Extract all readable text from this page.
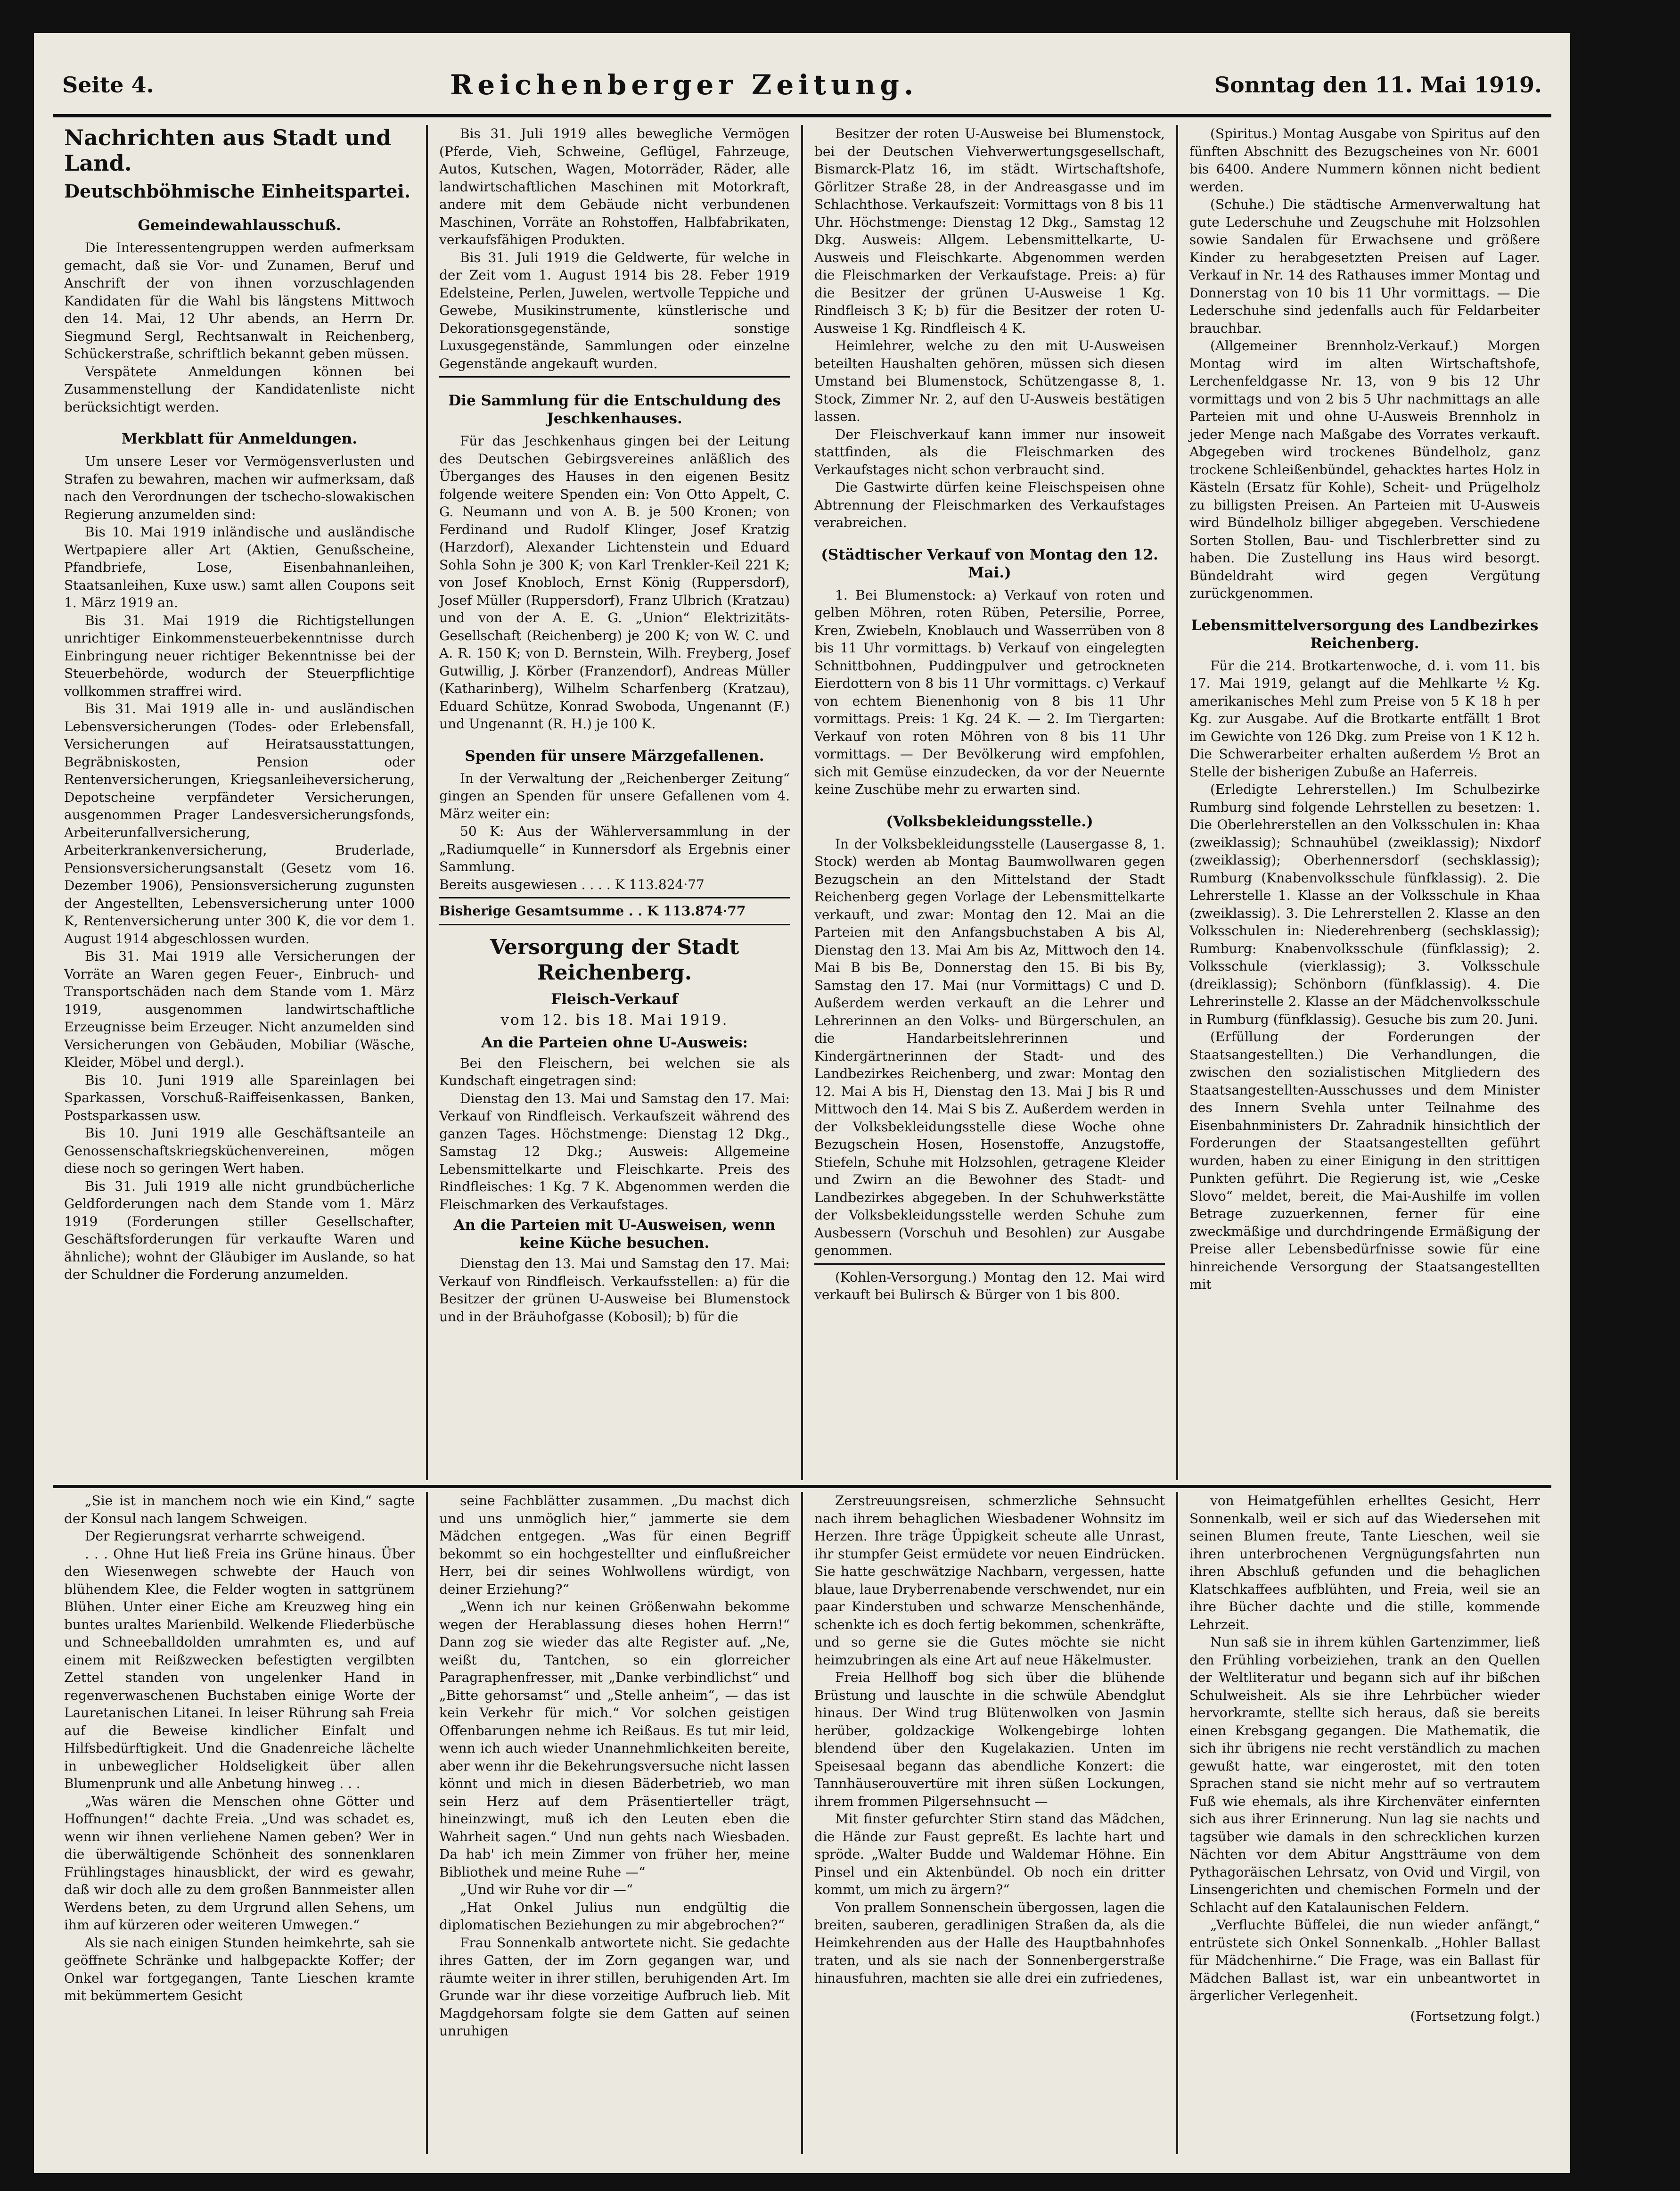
Seite 4.	Reichenberger Zeitung.	Sonntag den 11. Mai 1919.
Nachrichten aus Stadt und Land.
Deutschböhmische Einheitspartei.
Gemeindewahlausschuß.

Die Interessentengruppen werden aufmerksam gemacht, daß sie Vor- und Zunamen, Beruf und Anschrift der von ihnen vorzuschlagenden Kandidaten für die Wahl bis längstens Mittwoch den 14. Mai, 12 Uhr abends, an Herrn Dr. Siegmund Sergl, Rechtsanwalt in Reichenberg, Schückerstraße, schriftlich bekannt geben müssen.

Verspätete Anmeldungen können bei Zusammenstellung der Kandidatenliste nicht berücksichtigt werden.

Merkblatt für Anmeldungen.

Um unsere Leser vor Vermögensverlusten und Strafen zu bewahren, machen wir aufmerksam, daß nach den Verordnungen der tschecho-slowakischen Regierung anzumelden sind:

Bis 10. Mai 1919 inländische und ausländische Wertpapiere aller Art (Aktien, Genußscheine, Pfandbriefe, Lose, Eisenbahnanleihen, Staatsanleihen, Kuxe usw.) samt allen Coupons seit 1. März 1919 an.

Bis 31. Mai 1919 die Richtigstellungen unrichtiger Einkommensteuerbekenntnisse durch Einbringung neuer richtiger Bekenntnisse bei der Steuerbehörde, wodurch der Steuerpflichtige vollkommen straffrei wird.

Bis 31. Mai 1919 alle in- und ausländischen Lebensversicherungen (Todes- oder Erlebensfall, Versicherungen auf Heiratsausstattungen, Begräbniskosten, Pension oder Rentenversicherungen, Kriegsanleiheversicherung, Depotscheine verpfändeter Versicherungen, ausgenommen Prager Landesversicherungsfonds, Arbeiterunfallversicherung, Arbeiterkrankenversicherung, Bruderlade, Pensionsversicherungsanstalt (Gesetz vom 16. Dezember 1906), Pensionsversicherung zugunsten der Angestellten, Lebensversicherung unter 1000 K, Rentenversicherung unter 300 K, die vor dem 1. August 1914 abgeschlossen wurden.

Bis 31. Mai 1919 alle Versicherungen der Vorräte an Waren gegen Feuer-, Einbruch- und Transportschäden nach dem Stande vom 1. März 1919, ausgenommen landwirtschaftliche Erzeugnisse beim Erzeuger. Nicht anzumelden sind Versicherungen von Gebäuden, Mobiliar (Wäsche, Kleider, Möbel und dergl.).

Bis 10. Juni 1919 alle Spareinlagen bei Sparkassen, Vorschuß-Raiffeisenkassen, Banken, Postsparkassen usw.

Bis 10. Juni 1919 alle Geschäftsanteile an Genossenschaftskriegsküchenvereinen, mögen diese noch so geringen Wert haben.

Bis 31. Juli 1919 alle nicht grundbücherliche Geldforderungen nach dem Stande vom 1. März 1919 (Forderungen stiller Gesellschafter, Geschäftsforderungen für verkaufte Waren und ähnliche); wohnt der Gläubiger im Auslande, so hat der Schuldner die Forderung anzumelden.

Bis 31. Juli 1919 alles bewegliche Vermögen (Pferde, Vieh, Schweine, Geflügel, Fahrzeuge, Autos, Kutschen, Wagen, Motorräder, Räder, alle landwirtschaftlichen Maschinen mit Motorkraft, andere mit dem Gebäude nicht verbundenen Maschinen, Vorräte an Rohstoffen, Halbfabrikaten, verkaufsfähigen Produkten.

Bis 31. Juli 1919 die Geldwerte, für welche in der Zeit vom 1. August 1914 bis 28. Feber 1919 Edelsteine, Perlen, Juwelen, wertvolle Teppiche und Gewebe, Musikinstrumente, künstlerische und Dekorationsgegenstände, sonstige Luxusgegenstände, Sammlungen oder einzelne Gegenstände angekauft wurden.

Die Sammlung für die Entschuldung des Jeschkenhauses.

Für das Jeschkenhaus gingen bei der Leitung des Deutschen Gebirgsvereines anläßlich des Überganges des Hauses in den eigenen Besitz folgende weitere Spenden ein: Von Otto Appelt, C. G. Neumann und von A. B. je 500 Kronen; von Ferdinand und Rudolf Klinger, Josef Kratzig (Harzdorf), Alexander Lichtenstein und Eduard Sohla Sohn je 300 K; von Karl Trenkler-Keil 221 K; von Josef Knobloch, Ernst König (Ruppersdorf), Josef Müller (Ruppersdorf), Franz Ulbrich (Kratzau) und von der A. E. G. „Union“ Elektrizitäts-Gesellschaft (Reichenberg) je 200 K; von W. C. und A. R. 150 K; von D. Bernstein, Wilh. Freyberg, Josef Gutwillig, J. Körber (Franzendorf), Andreas Müller (Katharinberg), Wilhelm Scharfenberg (Kratzau), Eduard Schütze, Konrad Swoboda, Ungenannt (F.) und Ungenannt (R. H.) je 100 K.

Spenden für unsere Märzgefallenen.

In der Verwaltung der „Reichenberger Zeitung“ gingen an Spenden für unsere Gefallenen vom 4. März weiter ein:

50 K: Aus der Wählerversammlung in der „Radiumquelle“ in Kunnersdorf als Ergebnis einer Sammlung.

Bereits ausgewiesen . . . . K 113.824·77

Bisherige Gesamtsumme . . K 113.874·77

Versorgung der Stadt Reichenberg.
Fleisch-Verkauf
vom 12. bis 18. Mai 1919.
An die Parteien ohne U-Ausweis:

Bei den Fleischern, bei welchen sie als Kundschaft eingetragen sind:

Dienstag den 13. Mai und Samstag den 17. Mai: Verkauf von Rindfleisch. Verkaufszeit während des ganzen Tages. Höchstmenge: Dienstag 12 Dkg., Samstag 12 Dkg.; Ausweis: Allgemeine Lebensmittelkarte und Fleischkarte. Preis des Rindfleisches: 1 Kg. 7 K. Abgenommen werden die Fleischmarken des Verkaufstages.

An die Parteien mit U-Ausweisen, wenn keine Küche besuchen.

Dienstag den 13. Mai und Samstag den 17. Mai: Verkauf von Rindfleisch. Verkaufsstellen: a) für die Besitzer der grünen U-Ausweise bei Blumenstock und in der Bräuhofgasse (Kobosil); b) für die

Besitzer der roten U-Ausweise bei Blumenstock, bei der Deutschen Viehverwertungsgesellschaft, Bismarck-Platz 16, im städt. Wirtschaftshofe, Görlitzer Straße 28, in der Andreasgasse und im Schlachthose. Verkaufszeit: Vormittags von 8 bis 11 Uhr. Höchstmenge: Dienstag 12 Dkg., Samstag 12 Dkg. Ausweis: Allgem. Lebensmittelkarte, U-Ausweis und Fleischkarte. Abgenommen werden die Fleischmarken der Verkaufstage. Preis: a) für die Besitzer der grünen U-Ausweise 1 Kg. Rindfleisch 3 K; b) für die Besitzer der roten U-Ausweise 1 Kg. Rindfleisch 4 K.

Heimlehrer, welche zu den mit U-Ausweisen beteilten Haushalten gehören, müssen sich diesen Umstand bei Blumenstock, Schützengasse 8, 1. Stock, Zimmer Nr. 2, auf den U-Ausweis bestätigen lassen.

Der Fleischverkauf kann immer nur insoweit stattfinden, als die Fleischmarken des Verkaufstages nicht schon verbraucht sind.

Die Gastwirte dürfen keine Fleischspeisen ohne Abtrennung der Fleischmarken des Verkaufstages verabreichen.

(Städtischer Verkauf von Montag den 12. Mai.)

1. Bei Blumenstock: a) Verkauf von roten und gelben Möhren, roten Rüben, Petersilie, Porree, Kren, Zwiebeln, Knoblauch und Wasserrüben von 8 bis 11 Uhr vormittags. b) Verkauf von eingelegten Schnittbohnen, Puddingpulver und getrockneten Eierdottern von 8 bis 11 Uhr vormittags. c) Verkauf von echtem Bienenhonig von 8 bis 11 Uhr vormittags. Preis: 1 Kg. 24 K. — 2. Im Tiergarten: Verkauf von roten Möhren von 8 bis 11 Uhr vormittags. — Der Bevölkerung wird empfohlen, sich mit Gemüse einzudecken, da vor der Neuernte keine Zuschübe mehr zu erwarten sind.

(Volksbekleidungsstelle.)

In der Volksbekleidungsstelle (Lausergasse 8, 1. Stock) werden ab Montag Baumwollwaren gegen Bezugschein an den Mittelstand der Stadt Reichenberg gegen Vorlage der Lebensmittelkarte verkauft, und zwar: Montag den 12. Mai an die Parteien mit den Anfangsbuchstaben A bis Al, Dienstag den 13. Mai Am bis Az, Mittwoch den 14. Mai B bis Be, Donnerstag den 15. Bi bis By, Samstag den 17. Mai (nur Vormittags) C und D. Außerdem werden verkauft an die Lehrer und Lehrerinnen an den Volks- und Bürgerschulen, an die Handarbeitslehrerinnen und Kindergärtnerinnen der Stadt- und des Landbezirkes Reichenberg, und zwar: Montag den 12. Mai A bis H, Dienstag den 13. Mai J bis R und Mittwoch den 14. Mai S bis Z. Außerdem werden in der Volksbekleidungsstelle diese Woche ohne Bezugschein Hosen, Hosenstoffe, Anzugstoffe, Stiefeln, Schuhe mit Holzsohlen, getragene Kleider und Zwirn an die Bewohner des Stadt- und Landbezirkes abgegeben. In der Schuhwerkstätte der Volksbekleidungsstelle werden Schuhe zum Ausbessern (Vorschuh und Besohlen) zur Ausgabe genommen.

(Kohlen-Versorgung.) Montag den 12. Mai wird verkauft bei Bulirsch & Bürger von 1 bis 800.

(Spiritus.) Montag Ausgabe von Spiritus auf den fünften Abschnitt des Bezugscheines von Nr. 6001 bis 6400. Andere Nummern können nicht bedient werden.

(Schuhe.) Die städtische Armenverwaltung hat gute Lederschuhe und Zeugschuhe mit Holzsohlen sowie Sandalen für Erwachsene und größere Kinder zu herabgesetzten Preisen auf Lager. Verkauf in Nr. 14 des Rathauses immer Montag und Donnerstag von 10 bis 11 Uhr vormittags. — Die Lederschuhe sind jedenfalls auch für Feldarbeiter brauchbar.

(Allgemeiner Brennholz-Verkauf.) Morgen Montag wird im alten Wirtschaftshofe, Lerchenfeldgasse Nr. 13, von 9 bis 12 Uhr vormittags und von 2 bis 5 Uhr nachmittags an alle Parteien mit und ohne U-Ausweis Brennholz in jeder Menge nach Maßgabe des Vorrates verkauft. Abgegeben wird trockenes Bündelholz, ganz trockene Schleißenbündel, gehacktes hartes Holz in Kästeln (Ersatz für Kohle), Scheit- und Prügelholz zu billigsten Preisen. An Parteien mit U-Ausweis wird Bündelholz billiger abgegeben. Verschiedene Sorten Stollen, Bau- und Tischlerbretter sind zu haben. Die Zustellung ins Haus wird besorgt. Bündeldraht wird gegen Vergütung zurückgenommen.

Lebensmittelversorgung des Landbezirkes Reichenberg.

Für die 214. Brotkartenwoche, d. i. vom 11. bis 17. Mai 1919, gelangt auf die Mehlkarte ½ Kg. amerikanisches Mehl zum Preise von 5 K 18 h per Kg. zur Ausgabe. Auf die Brotkarte entfällt 1 Brot im Gewichte von 126 Dkg. zum Preise von 1 K 12 h. Die Schwerarbeiter erhalten außerdem ½ Brot an Stelle der bisherigen Zubuße an Haferreis.

(Erledigte Lehrerstellen.) Im Schulbezirke Rumburg sind folgende Lehrstellen zu besetzen: 1. Die Oberlehrerstellen an den Volksschulen in: Khaa (zweiklassig); Schnauhübel (zweiklassig); Nixdorf (zweiklassig); Oberhennersdorf (sechsklassig); Rumburg (Knabenvolksschule fünfklassig). 2. Die Lehrerstelle 1. Klasse an der Volksschule in Khaa (zweiklassig). 3. Die Lehrerstellen 2. Klasse an den Volksschulen in: Niederehrenberg (sechsklassig); Rumburg: Knabenvolksschule (fünfklassig); 2. Volksschule (vierklassig); 3. Volksschule (dreiklassig); Schönborn (fünfklassig). 4. Die Lehrerinstelle 2. Klasse an der Mädchenvolksschule in Rumburg (fünfklassig). Gesuche bis zum 20. Juni.

(Erfüllung der Forderungen der Staatsangestellten.) Die Verhandlungen, die zwischen den sozialistischen Mitgliedern des Staatsangestellten-Ausschusses und dem Minister des Innern Svehla unter Teilnahme des Eisenbahnministers Dr. Zahradnik hinsichtlich der Forderungen der Staatsangestellten geführt wurden, haben zu einer Einigung in den strittigen Punkten geführt. Die Regierung ist, wie „Ceske Slovo“ meldet, bereit, die Mai-Aushilfe im vollen Betrage zuzuerkennen, ferner für eine zweckmäßige und durchdringende Ermäßigung der Preise aller Lebensbedürfnisse sowie für eine hinreichende Versorgung der Staatsangestellten mit

„Sie ist in manchem noch wie ein Kind,“ sagte der Konsul nach langem Schweigen.

Der Regierungsrat verharrte schweigend.

. . . Ohne Hut ließ Freia ins Grüne hinaus. Über den Wiesenwegen schwebte der Hauch von blühendem Klee, die Felder wogten in sattgrünem Blühen. Unter einer Eiche am Kreuzweg hing ein buntes uraltes Marienbild. Welkende Fliederbüsche und Schneeballdolden umrahmten es, und auf einem mit Reißzwecken befestigten vergilbten Zettel standen von ungelenker Hand in regenverwaschenen Buchstaben einige Worte der Lauretanischen Litanei. In leiser Rührung sah Freia auf die Beweise kindlicher Einfalt und Hilfsbedürftigkeit. Und die Gnadenreiche lächelte in unbeweglicher Holdseligkeit über allen Blumenprunk und alle Anbetung hinweg . . .

„Was wären die Menschen ohne Götter und Hoffnungen!“ dachte Freia. „Und was schadet es, wenn wir ihnen verliehene Namen geben? Wer in die überwältigende Schönheit des sonnenklaren Frühlingstages hinausblickt, der wird es gewahr, daß wir doch alle zu dem großen Bannmeister allen Werdens beten, zu dem Urgrund allen Sehens, um ihm auf kürzeren oder weiteren Umwegen.“

Als sie nach einigen Stunden heimkehrte, sah sie geöffnete Schränke und halbgepackte Koffer; der Onkel war fortgegangen, Tante Lieschen kramte mit bekümmertem Gesicht

seine Fachblätter zusammen. „Du machst dich und uns unmöglich hier,“ jammerte sie dem Mädchen entgegen. „Was für einen Begriff bekommt so ein hochgestellter und einflußreicher Herr, bei dir seines Wohlwollens würdigt, von deiner Erziehung?“

„Wenn ich nur keinen Größenwahn bekomme wegen der Herablassung dieses hohen Herrn!“ Dann zog sie wieder das alte Register auf. „Ne, weißt du, Tantchen, so ein glorreicher Paragraphenfresser, mit „Danke verbindlichst“ und „Bitte gehorsamst“ und „Stelle anheim“, — das ist kein Verkehr für mich.“ Vor solchen geistigen Offenbarungen nehme ich Reißaus. Es tut mir leid, wenn ich auch wieder Unannehmlichkeiten bereite, aber wenn ihr die Bekehrungsversuche nicht lassen könnt und mich in diesen Bäderbetrieb, wo man sein Herz auf dem Präsentierteller trägt, hineinzwingt, muß ich den Leuten eben die Wahrheit sagen.“ Und nun gehts nach Wiesbaden. Da hab' ich mein Zimmer von früher her, meine Bibliothek und meine Ruhe —“

„Und wir Ruhe vor dir —“

„Hat Onkel Julius nun endgültig die diplomatischen Beziehungen zu mir abgebrochen?“

Frau Sonnenkalb antwortete nicht. Sie gedachte ihres Gatten, der im Zorn gegangen war, und räumte weiter in ihrer stillen, beruhigenden Art. Im Grunde war ihr diese vorzeitige Aufbruch lieb. Mit Magdgehorsam folgte sie dem Gatten auf seinen unruhigen

Zerstreuungsreisen, schmerzliche Sehnsucht nach ihrem behaglichen Wiesbadener Wohnsitz im Herzen. Ihre träge Üppigkeit scheute alle Unrast, ihr stumpfer Geist ermüdete vor neuen Eindrücken. Sie hatte geschwätzige Nachbarn, vergessen, hatte blaue, laue Dryberrenabende verschwendet, nur ein paar Kinderstuben und schwarze Menschenhände, schenkte ich es doch fertig bekommen, schenkräfte, und so gerne sie die Gutes möchte sie nicht heimzubringen als eine Art auf neue Häkelmuster.

Freia Hellhoff bog sich über die blühende Brüstung und lauschte in die schwüle Abendglut hinaus. Der Wind trug Blütenwolken von Jasmin herüber, goldzackige Wolkengebirge lohten blendend über den Kugelakazien. Unten im Speisesaal begann das abendliche Konzert: die Tannhäuserouvertüre mit ihren süßen Lockungen, ihrem frommen Pilgersehnsucht —

Mit finster gefurchter Stirn stand das Mädchen, die Hände zur Faust gepreßt. Es lachte hart und spröde. „Walter Budde und Waldemar Höhne. Ein Pinsel und ein Aktenbündel. Ob noch ein dritter kommt, um mich zu ärgern?“

Von prallem Sonnenschein übergossen, lagen die breiten, sauberen, geradlinigen Straßen da, als die Heimkehrenden aus der Halle des Hauptbahnhofes traten, und als sie nach der Sonnenbergerstraße hinausfuhren, machten sie alle drei ein zufriedenes,

von Heimatgefühlen erhelltes Gesicht, Herr Sonnenkalb, weil er sich auf das Wiedersehen mit seinen Blumen freute, Tante Lieschen, weil sie ihren unterbrochenen Vergnügungsfahrten nun ihren Abschluß gefunden und die behaglichen Klatschkaffees aufblühten, und Freia, weil sie an ihre Bücher dachte und die stille, kommende Lehrzeit.

Nun saß sie in ihrem kühlen Gartenzimmer, ließ den Frühling vorbeiziehen, trank an den Quellen der Weltliteratur und begann sich auf ihr bißchen Schulweisheit. Als sie ihre Lehrbücher wieder hervorkramte, stellte sich heraus, daß sie bereits einen Krebsgang gegangen. Die Mathematik, die sich ihr übrigens nie recht verständlich zu machen gewußt hatte, war eingerostet, mit den toten Sprachen stand sie nicht mehr auf so vertrautem Fuß wie ehemals, als ihre Kirchenväter einfernten sich aus ihrer Erinnerung. Nun lag sie nachts und tagsüber wie damals in den schrecklichen kurzen Nächten vor dem Abitur Angstträume von dem Pythagoräischen Lehrsatz, von Ovid und Virgil, von Linsengerichten und chemischen Formeln und der Schlacht auf den Katalaunischen Feldern.

„Verfluchte Büffelei, die nun wieder anfängt,“ entrüstete sich Onkel Sonnenkalb. „Hohler Ballast für Mädchenhirne.“ Die Frage, was ein Ballast für Mädchen Ballast ist, war ein unbeantwortet in ärgerlicher Verlegenheit.

(Fortsetzung folgt.)
